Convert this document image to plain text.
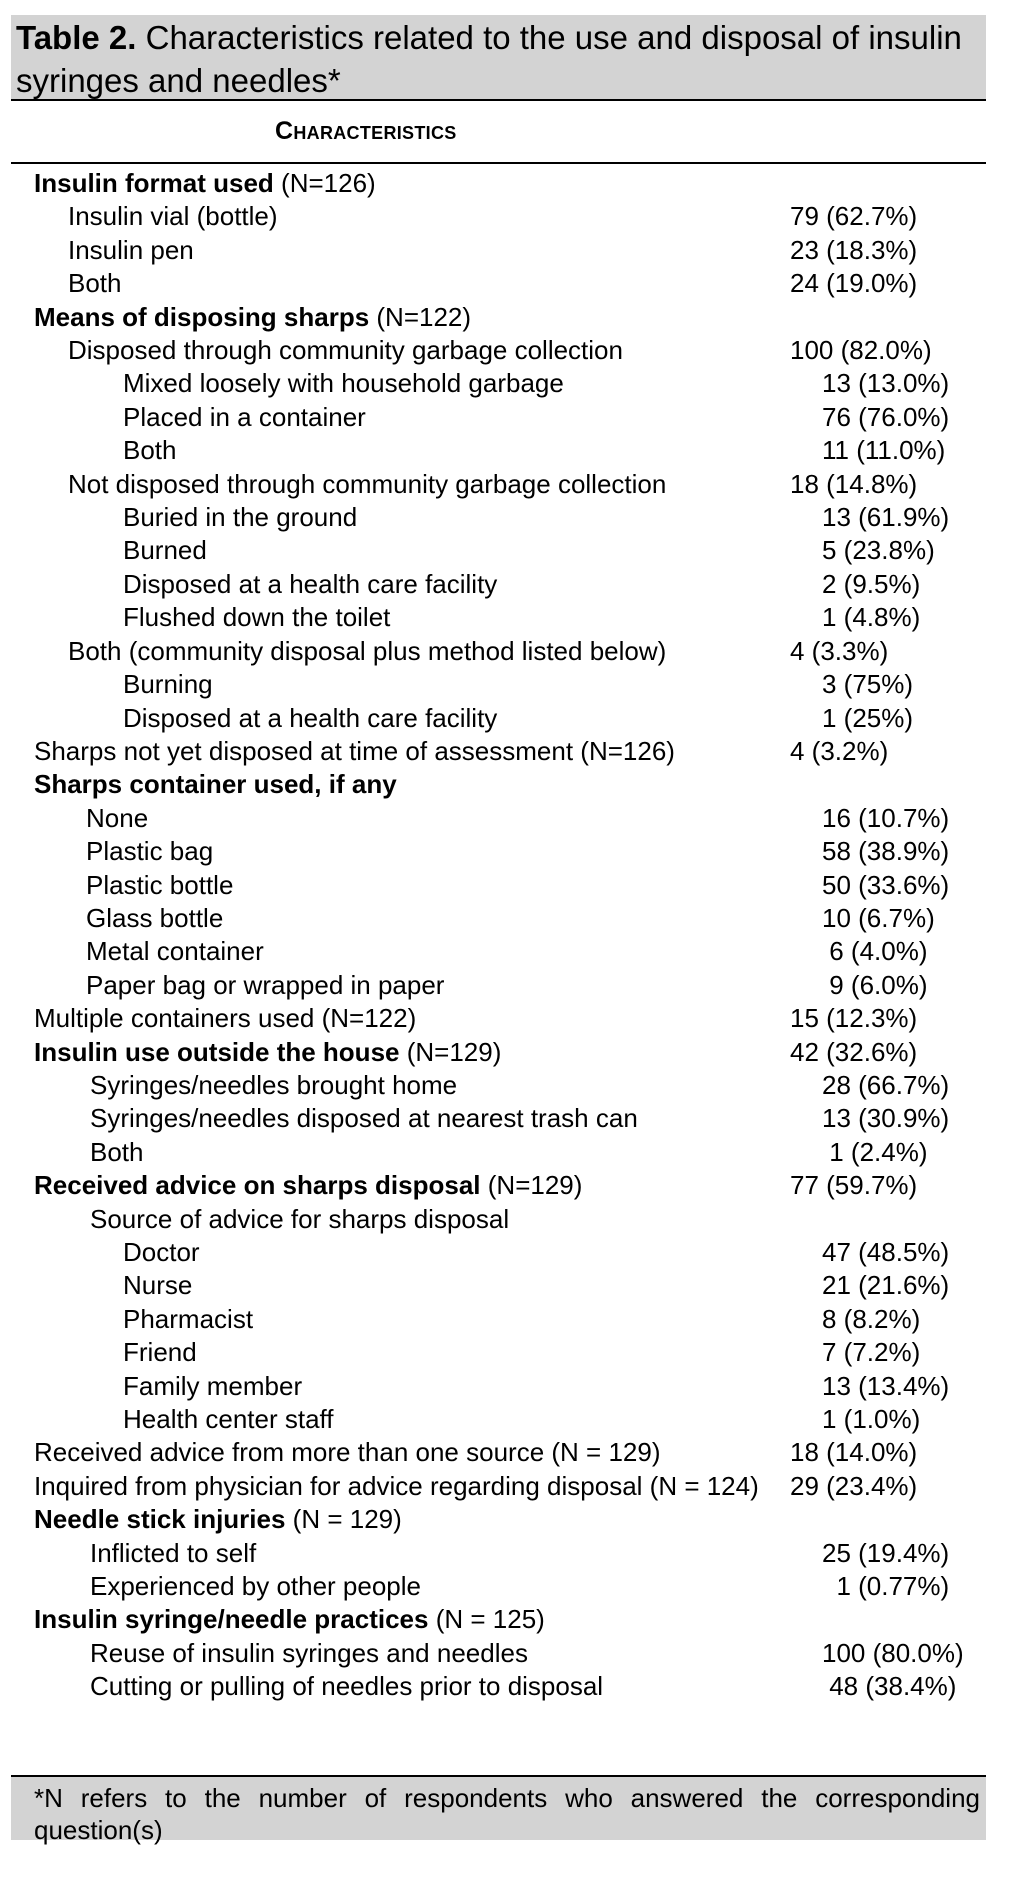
Table 2. Characteristics related to the use and disposal of insulin syringes and needles*
Characteristics
Insulin format used (N=126)
Insulin vial (bottle)	79 (62.7%)
Insulin pen	23 (18.3%)
Both	24 (19.0%)
Means of disposing sharps (N=122)
Disposed through community garbage collection	100 (82.0%)
Mixed loosely with household garbage	13 (13.0%)
Placed in a container	76 (76.0%)
Both	11 (11.0%)
Not disposed through community garbage collection	18 (14.8%)
Buried in the ground	13 (61.9%)
Burned	5 (23.8%)
Disposed at a health care facility	2 (9.5%)
Flushed down the toilet	1 (4.8%)
Both (community disposal plus method listed below)	4 (3.3%)
Burning	3 (75%)
Disposed at a health care facility	1 (25%)
Sharps not yet disposed at time of assessment (N=126)	4 (3.2%)
Sharps container used, if any
None	16 (10.7%)
Plastic bag	58 (38.9%)
Plastic bottle	50 (33.6%)
Glass bottle	10 (6.7%)
Metal container	6 (4.0%)
Paper bag or wrapped in paper	9 (6.0%)
Multiple containers used (N=122)	15 (12.3%)
Insulin use outside the house (N=129)	42 (32.6%)
Syringes/needles brought home	28 (66.7%)
Syringes/needles disposed at nearest trash can	13 (30.9%)
Both	1 (2.4%)
Received advice on sharps disposal (N=129)	77 (59.7%)
Source of advice for sharps disposal
Doctor	47 (48.5%)
Nurse	21 (21.6%)
Pharmacist	8 (8.2%)
Friend	7 (7.2%)
Family member	13 (13.4%)
Health center staff	1 (1.0%)
Received advice from more than one source (N = 129)	18 (14.0%)
Inquired from physician for advice regarding disposal (N = 124)	29 (23.4%)
Needle stick injuries (N = 129)
Inflicted to self	25 (19.4%)
Experienced by other people	1 (0.77%)
Insulin syringe/needle practices (N = 125)
Reuse of insulin syringes and needles	100 (80.0%)
Cutting or pulling of needles prior to disposal	48 (38.4%)
*N refers to the number of respondents who answered the corresponding question(s)
